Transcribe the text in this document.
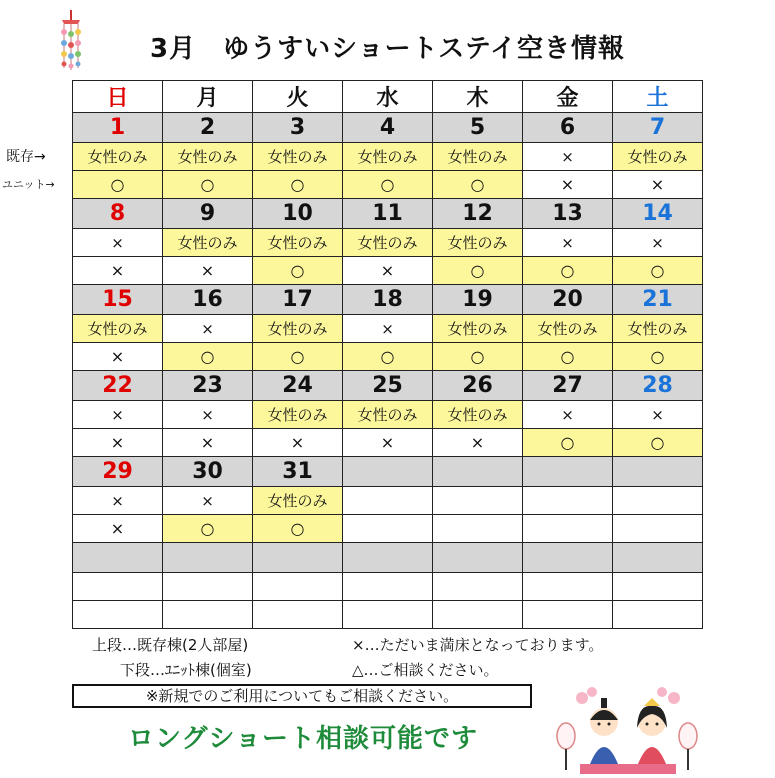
3月　ゆうすいショートステイ空き情報
既存→
ユニット→
日	月	火	水	木	金	土
1	2	3	4	5	6	7
女性のみ	女性のみ	女性のみ	女性のみ	女性のみ	×	女性のみ
○	○	○	○	○	×	×
8	9	10	11	12	13	14
×	女性のみ	女性のみ	女性のみ	女性のみ	×	×
×	×	○	×	○	○	○
15	16	17	18	19	20	21
女性のみ	×	女性のみ	×	女性のみ	女性のみ	女性のみ
×	○	○	○	○	○	○
22	23	24	25	26	27	28
×	×	女性のみ	女性のみ	女性のみ	×	×
×	×	×	×	×	○	○
29	30	31				
×	×	女性のみ				
×	○	○				

上段…既存棟(2人部屋)
下段…ﾕﾆｯﾄ棟(個室)
×…ただいま満床となっております。
△…ご相談ください。
※新規でのご利用についてもご相談ください。
ロングショート相談可能です
